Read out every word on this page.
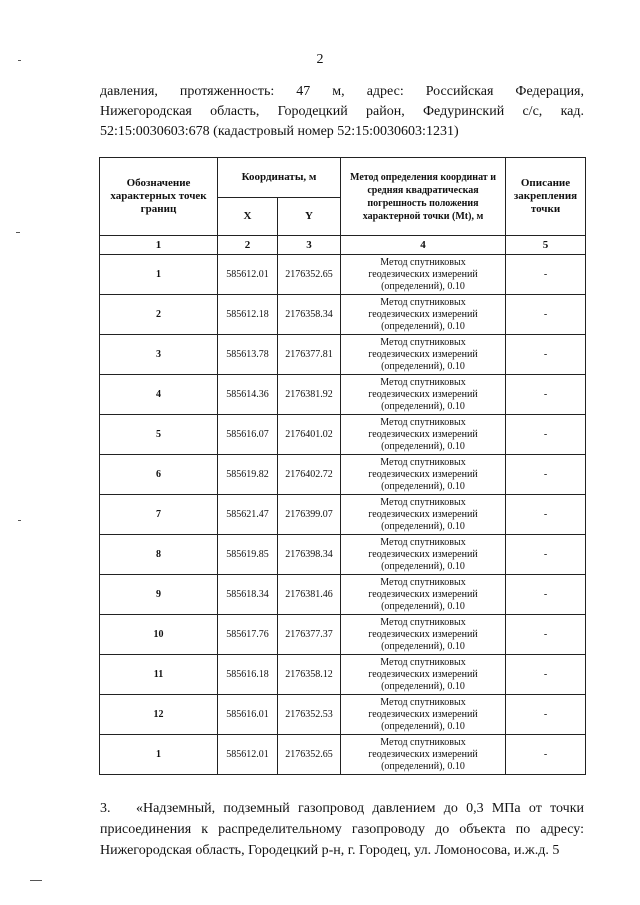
2
давления, протяженность: 47 м, адрес: Российская Федерация,
Нижегородская область, Городецкий район, Федуринский с/с, кад.
52:15:0030603:678 (кадастровый номер 52:15:0030603:1231)
Обозначение характерных точек границ	Координаты, м		Метод определения координат и средняя квадратическая погрешность положения характерной точки (Mt), м	Описание закрепления точки
	X	Y		
1	2	3	4	5
1	585612.01	2176352.65	Метод спутниковых
геодезических измерений
(определений), 0.10	-
2	585612.18	2176358.34	Метод спутниковых
геодезических измерений
(определений), 0.10	-
3	585613.78	2176377.81	Метод спутниковых
геодезических измерений
(определений), 0.10	-
4	585614.36	2176381.92	Метод спутниковых
геодезических измерений
(определений), 0.10	-
5	585616.07	2176401.02	Метод спутниковых
геодезических измерений
(определений), 0.10	-
6	585619.82	2176402.72	Метод спутниковых
геодезических измерений
(определений), 0.10	-
7	585621.47	2176399.07	Метод спутниковых
геодезических измерений
(определений), 0.10	-
8	585619.85	2176398.34	Метод спутниковых
геодезических измерений
(определений), 0.10	-
9	585618.34	2176381.46	Метод спутниковых
геодезических измерений
(определений), 0.10	-
10	585617.76	2176377.37	Метод спутниковых
геодезических измерений
(определений), 0.10	-
11	585616.18	2176358.12	Метод спутниковых
геодезических измерений
(определений), 0.10	-
12	585616.01	2176352.53	Метод спутниковых
геодезических измерений
(определений), 0.10	-
1	585612.01	2176352.65	Метод спутниковых
геодезических измерений
(определений), 0.10	-
3. «Надземный, подземный газопровод давлением до 0,3 МПа от точки
присоединения к распределительному газопроводу до объекта по адресу:
Нижегородская область, Городецкий р-н, г. Городец, ул. Ломоносова, и.ж.д. 5
